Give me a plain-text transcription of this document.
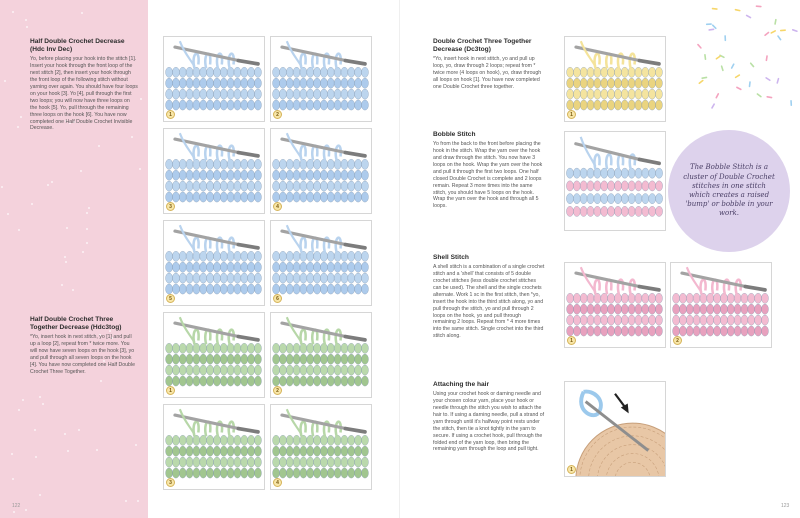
Half Double Crochet Decrease (Hdc Inv Dec)

Yo, before placing your hook into the stitch [1]. Insert your hook through the front loop of the next stitch [2], then insert your hook through the front loop of the following stitch without yarning over again. You should have four loops on your hook [3]. Yo [4], pull through the first two loops; you will now have three loops on the hook [5]. Yo, pull through the remaining three loops on the hook [6]. You have now completed one Half Double Crochet Invisible Decrease.

Half Double Crochet Three Together Decrease (Hdc3tog)

*Yo, insert hook in next stitch, yo [1] and pull up a loop [2], repeat from * twice more. You will now have seven loops on the hook [3], yo and pull through all seven loops on the hook [4]. You have now completed one Half Double Crochet Three Together.

1	2
3	4
5	6
1	2
3	4
122
Double Crochet Three Together Decrease (Dc3tog)

*Yo, insert hook in next stitch, yo and pull up loop, yo, draw through 2 loops; repeat from * twice more (4 loops on hook), yo, draw through all loops on hook [1]. You have now completed one Double Crochet three together.

Bobble Stitch

Yo from the back to the front before placing the hook in the stitch. Wrap the yarn over the hook and draw through the stitch. You now have 3 loops on the hook. Wrap the yarn over the hook and pull it through the first two loops. One half closed Double Crochet is complete and 2 loops remain. Repeat 3 more times into the same stitch, you should have 5 loops on the hook. Wrap the yarn over the hook and through all 5 loops.

Shell Stitch

A shell stitch is a combination of a single crochet stitch and a 'shell' that consists of 5 double crochet stitches (less double crochet stitches can be used). The shell and the single crochets alternate. Work 1 sc in the first stitch, then *yo, insert the hook into the third stitch along, yo and pull through the stitch, yo and pull through 2 loops on the hook, yo and pull through remaining 2 loops. Repeat from * 4 more times into the same stitch. Single crochet into the third stitch along.

Attaching the hair

Using your crochet hook or darning needle and your chosen colour yarn, place your hook or needle through the stitch you wish to attach the hair to. If using a darning needle, pull a strand of yarn through until it's halfway point rests under the stitch, then tie a knot tightly in the yarn to secure. If using a crochet hook, pull through the folded end of the yarn loop, then bring the remaining yarn through the loop and pull tight.

1
1	2
1

The Bobble Stitch is a cluster of Double Crochet stitches in one stitch which creates a raised 'bump' or bobble in your work.

123
